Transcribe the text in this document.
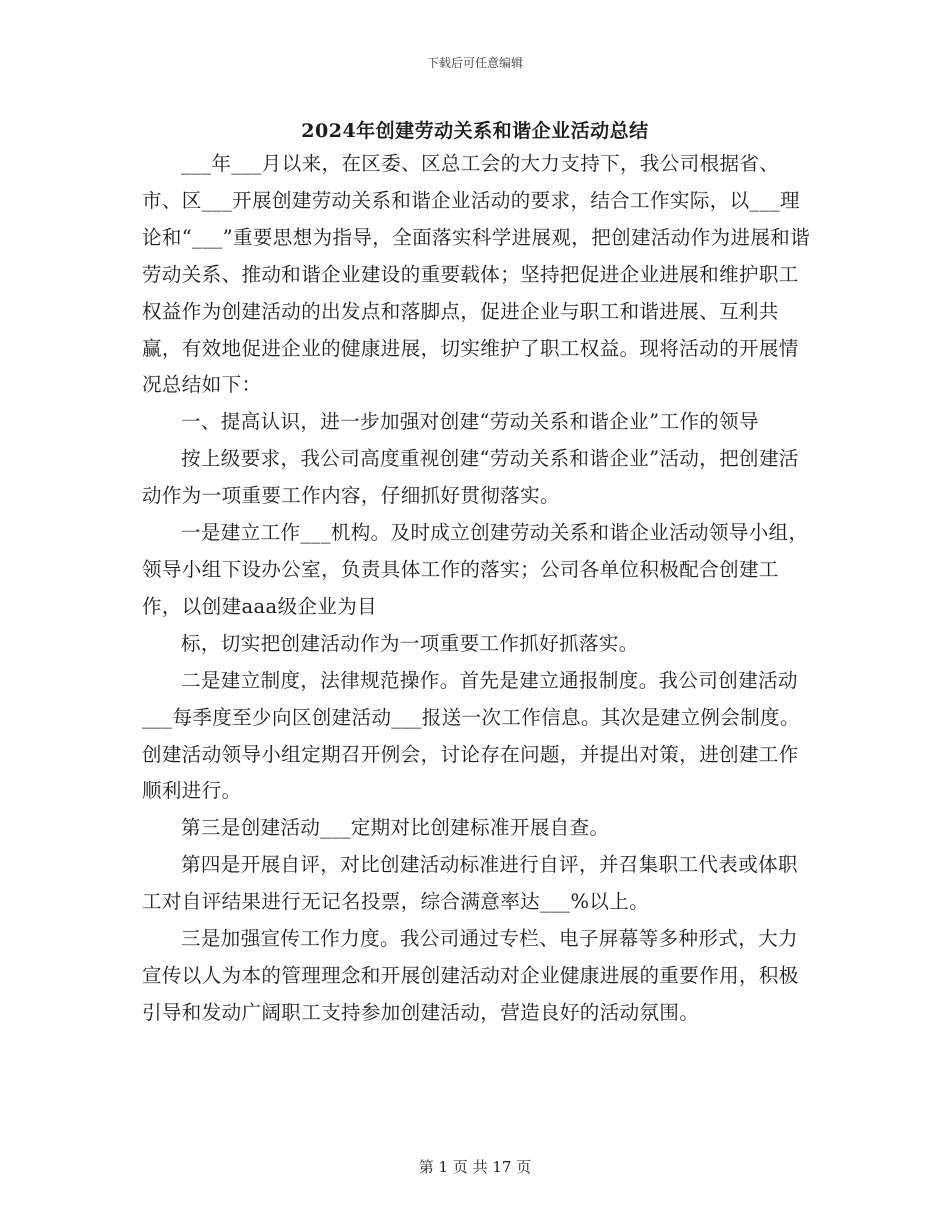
下载后可任意编辑
2024年创建劳动关系和谐企业活动总结

___年___月以来，在区委、区总工会的大力支持下，我公司根据省、市、区___开展创建劳动关系和谐企业活动的要求，结合工作实际，以___理论和“___”重要思想为指导，全面落实科学进展观，把创建活动作为进展和谐劳动关系、推动和谐企业建设的重要载体；坚持把促进企业进展和维护职工权益作为创建活动的出发点和落脚点，促进企业与职工和谐进展、互利共赢，有效地促进企业的健康进展，切实维护了职工权益。现将活动的开展情况总结如下：

一、提高认识，进一步加强对创建“劳动关系和谐企业”工作的领导

按上级要求，我公司高度重视创建“劳动关系和谐企业”活动，把创建活动作为一项重要工作内容，仔细抓好贯彻落实。

一是建立工作___机构。及时成立创建劳动关系和谐企业活动领导小组，领导小组下设办公室，负责具体工作的落实；公司各单位积极配合创建工作，以创建aaa级企业为目

标，切实把创建活动作为一项重要工作抓好抓落实。

二是建立制度，法律规范操作。首先是建立通报制度。我公司创建活动___每季度至少向区创建活动___报送一次工作信息。其次是建立例会制度。创建活动领导小组定期召开例会，讨论存在问题，并提出对策，进创建工作顺利进行。

第三是创建活动___定期对比创建标准开展自查。

第四是开展自评，对比创建活动标准进行自评，并召集职工代表或体职工对自评结果进行无记名投票，综合满意率达___%以上。

三是加强宣传工作力度。我公司通过专栏、电子屏幕等多种形式，大力宣传以人为本的管理理念和开展创建活动对企业健康进展的重要作用，积极引导和发动广阔职工支持参加创建活动，营造良好的活动氛围。

第 1 页 共 17 页
